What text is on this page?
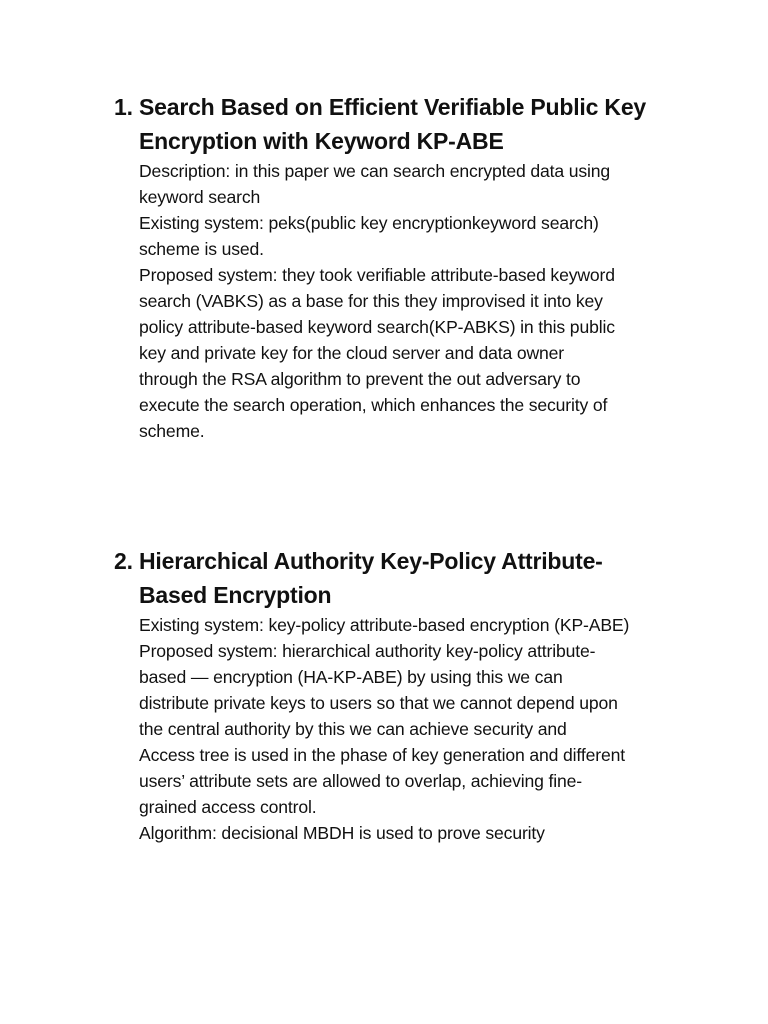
1. Search Based on Efficient Verifiable Public Key
Encryption with Keyword KP-ABE

Description: in this paper we can search encrypted data using
keyword search

Existing system: peks(public key encryptionkeyword search)
scheme is used.

Proposed system: they took verifiable attribute-based keyword
search (VABKS) as a base for this they improvised it into key
policy attribute-based keyword search(KP-ABKS) in this public
key and private key for the cloud server and data owner
through the RSA algorithm to prevent the out adversary to
execute the search operation, which enhances the security of
scheme.

2. Hierarchical Authority Key-Policy Attribute-
Based Encryption

Existing system: key-policy attribute-based encryption (KP-ABE)

Proposed system: hierarchical authority key-policy attribute-
based — encryption (HA-KP-ABE) by using this we can
distribute private keys to users so that we cannot depend upon
the central authority by this we can achieve security and
Access tree is used in the phase of key generation and different
users’ attribute sets are allowed to overlap, achieving fine-
grained access control.

Algorithm: decisional MBDH is used to prove security
